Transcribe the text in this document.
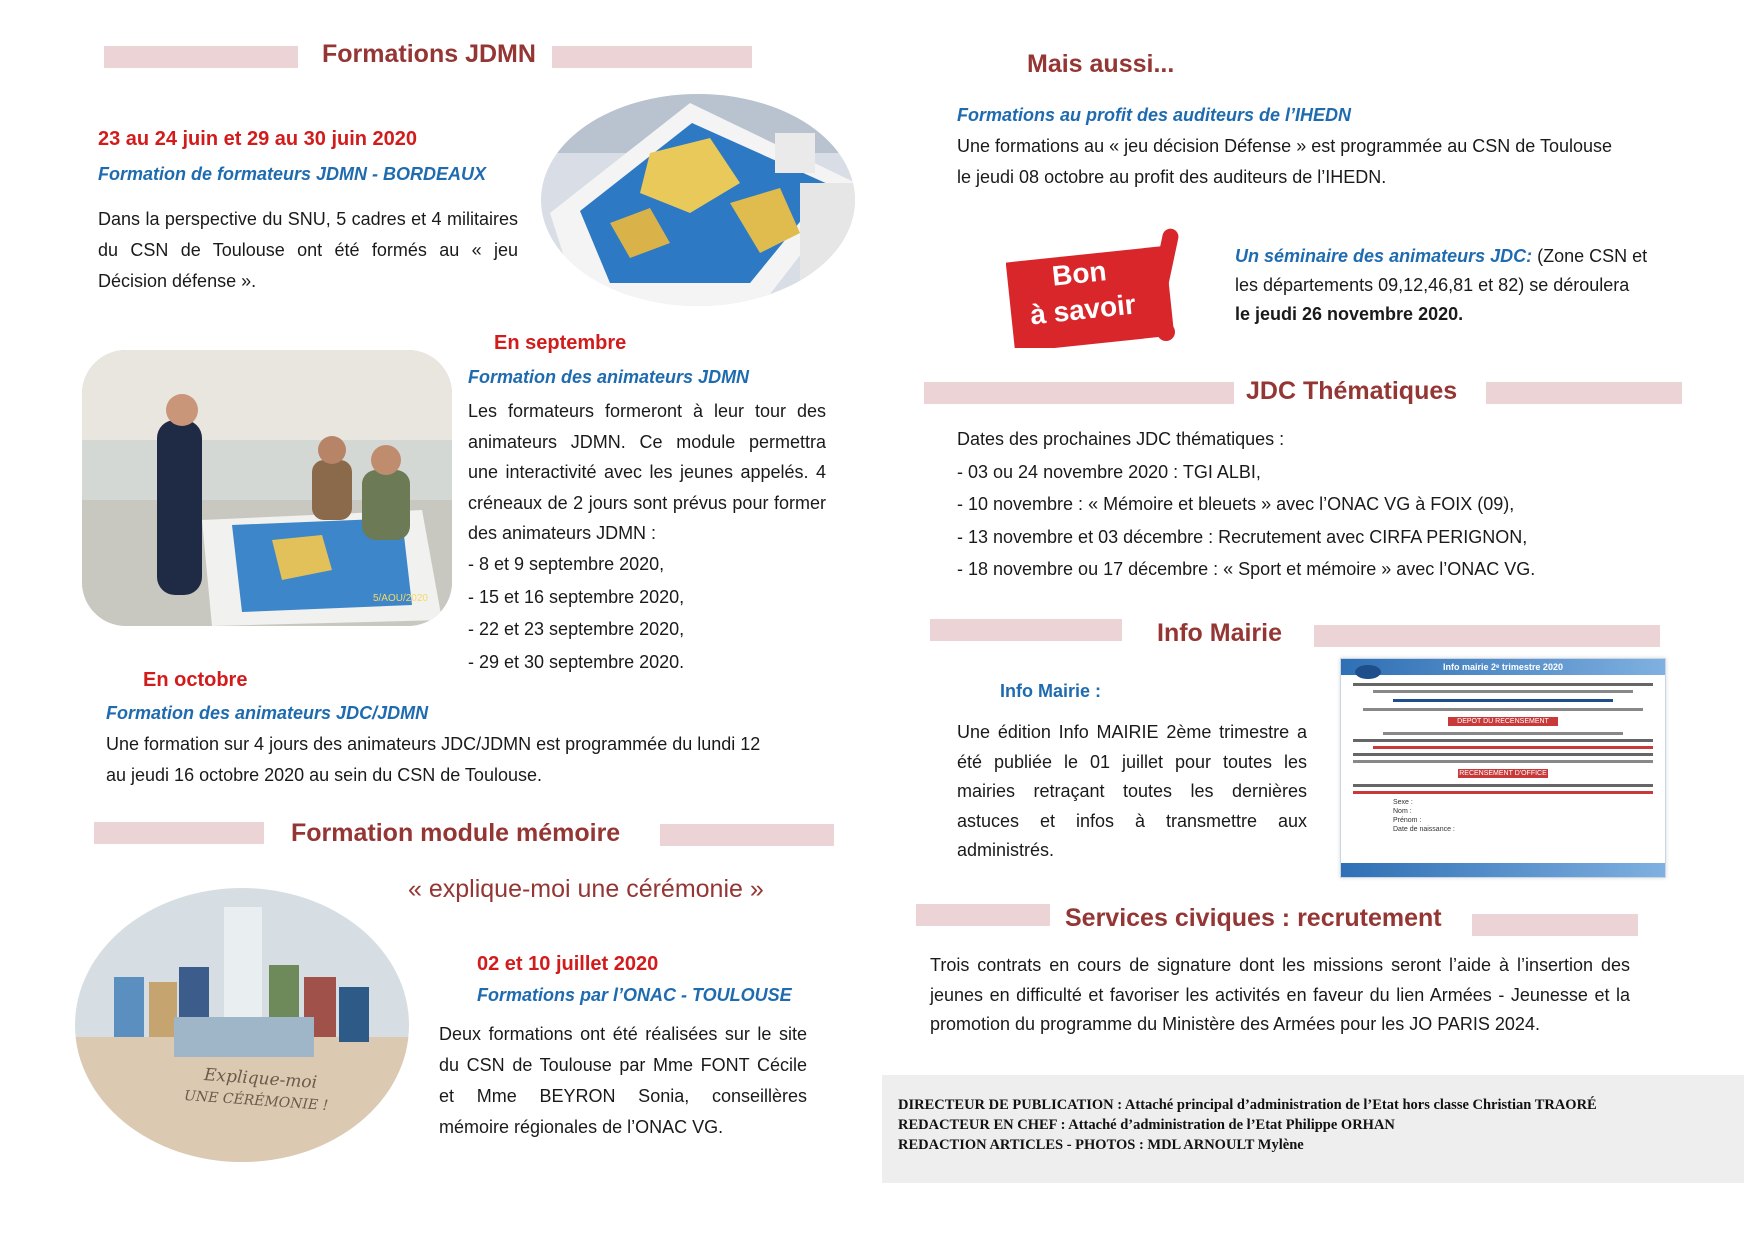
Formations JDMN
23 au 24 juin et 29 au 30 juin 2020
Formation de formateurs JDMN - BORDEAUX
Dans la perspective du SNU, 5 cadres et 4 militaires du CSN de Toulouse ont été formés au « jeu Décision défense ».
5/AOU/2020
En septembre
Formation des animateurs JDMN
Les formateurs formeront à leur tour des animateurs JDMN. Ce module permettra une interactivité avec les jeunes appelés. 4 créneaux de 2 jours sont prévus pour former des animateurs JDMN :
- 8 et 9 septembre 2020,
- 15 et 16 septembre 2020,
- 22 et 23 septembre 2020,
- 29 et 30 septembre 2020.
En octobre
Formation des animateurs JDC/JDMN
Une formation sur 4 jours des animateurs JDC/JDMN est programmée du lundi 12
au jeudi 16 octobre 2020 au sein du CSN de Toulouse.
Formation module mémoire
« explique-moi une cérémonie »
Explique-moi
UNE CÉRÉMONIE !
02 et 10 juillet 2020
Formations par l’ONAC - TOULOUSE
Deux formations ont été réalisées sur le site du CSN de Toulouse par Mme FONT Cécile et Mme BEYRON Sonia, conseillères mémoire régionales de l’ONAC VG.
Mais aussi...
Formations au profit des auditeurs de l’IHEDN
Une formations au « jeu décision Défense » est programmée au CSN de Toulouse
le jeudi 08 octobre au profit des auditeurs de l’IHEDN.
Bon
à savoir
Un séminaire des animateurs JDC: (Zone CSN et
les départements 09,12,46,81 et 82) se déroulera
le jeudi 26 novembre 2020.
JDC Thématiques
Dates des prochaines JDC thématiques :
- 03 ou 24 novembre 2020 : TGI ALBI,
- 10 novembre : « Mémoire et bleuets » avec l’ONAC VG à FOIX (09),
- 13 novembre et 03 décembre : Recrutement avec CIRFA PERIGNON,
- 18 novembre ou 17 décembre : « Sport et mémoire » avec l’ONAC VG.
Info Mairie
Info Mairie :
Une édition Info MAIRIE 2ème trimestre a été publiée le 01 juillet pour toutes les mairies retraçant toutes les dernières astuces et infos à transmettre aux administrés.
Info mairie 2ᵉ trimestre 2020
DEPOT DU RECENSEMENT
RECENSEMENT D'OFFICE
Sexe :
Nom :
Prénom :
Date de naissance :
Services civiques : recrutement
Trois contrats en cours de signature dont les missions seront l’aide à l’insertion des jeunes en difficulté et favoriser les activités en faveur du lien Armées - Jeunesse et la promotion du programme du Ministère des Armées pour les JO PARIS 2024.
DIRECTEUR DE PUBLICATION : Attaché principal d’administration de l’Etat hors classe Christian TRAORÉ
REDACTEUR EN CHEF : Attaché d’administration de l’Etat Philippe ORHAN
REDACTION ARTICLES - PHOTOS : MDL ARNOULT Mylène
